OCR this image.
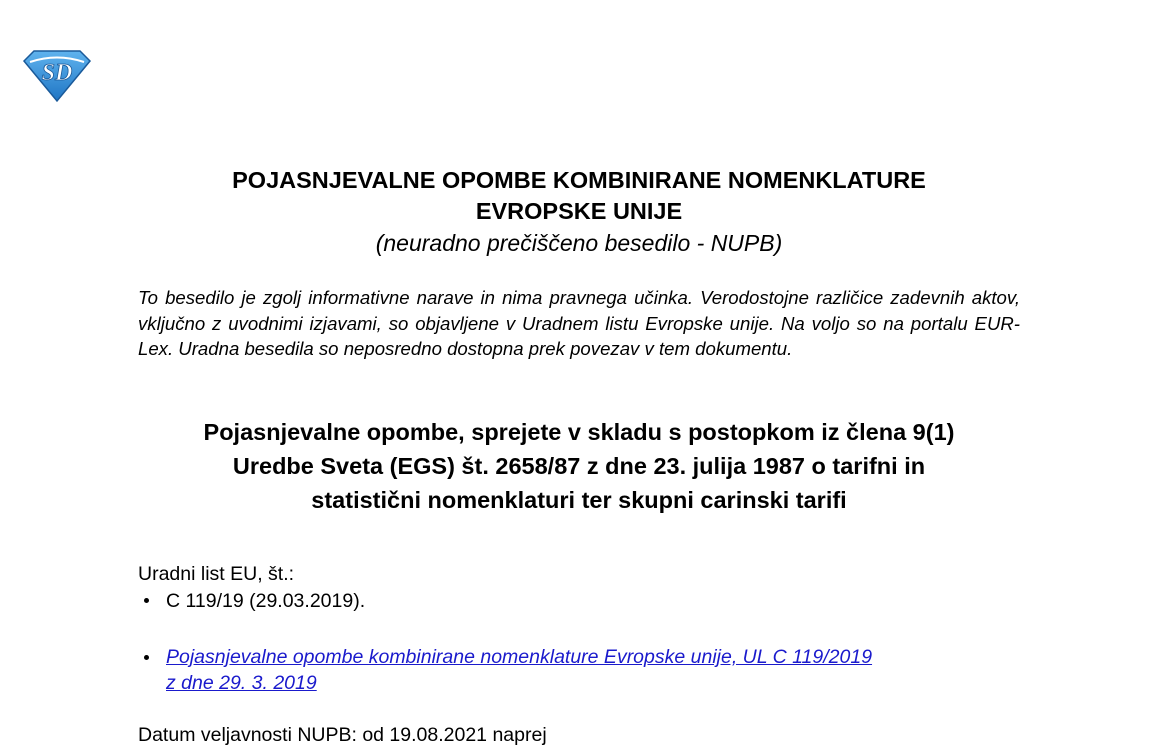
SD
POJASNJEVALNE OPOMBE KOMBINIRANE NOMENKLATURE
EVROPSKE UNIJE
(neuradno prečiščeno besedilo - NUPB)
To besedilo je zgolj informativne narave in nima pravnega učinka. Verodostojne različice zadevnih aktov, vključno z uvodnimi izjavami, so objavljene v Uradnem listu Evropske unije. Na voljo so na portalu EUR-Lex. Uradna besedila so neposredno dostopna prek povezav v tem dokumentu.
Pojasnjevalne opombe, sprejete v skladu s postopkom iz člena 9(1)
Uredbe Sveta (EGS) št. 2658/87 z dne 23. julija 1987 o tarifni in
statistični nomenklaturi ter skupni carinski tarifi
Uradni list EU, št.:
C 119/19 (29.03.2019).
Pojasnjevalne opombe kombinirane nomenklature Evropske unije, UL C 119/2019
z dne 29. 3. 2019
Datum veljavnosti NUPB: od 19.08.2021 naprej
